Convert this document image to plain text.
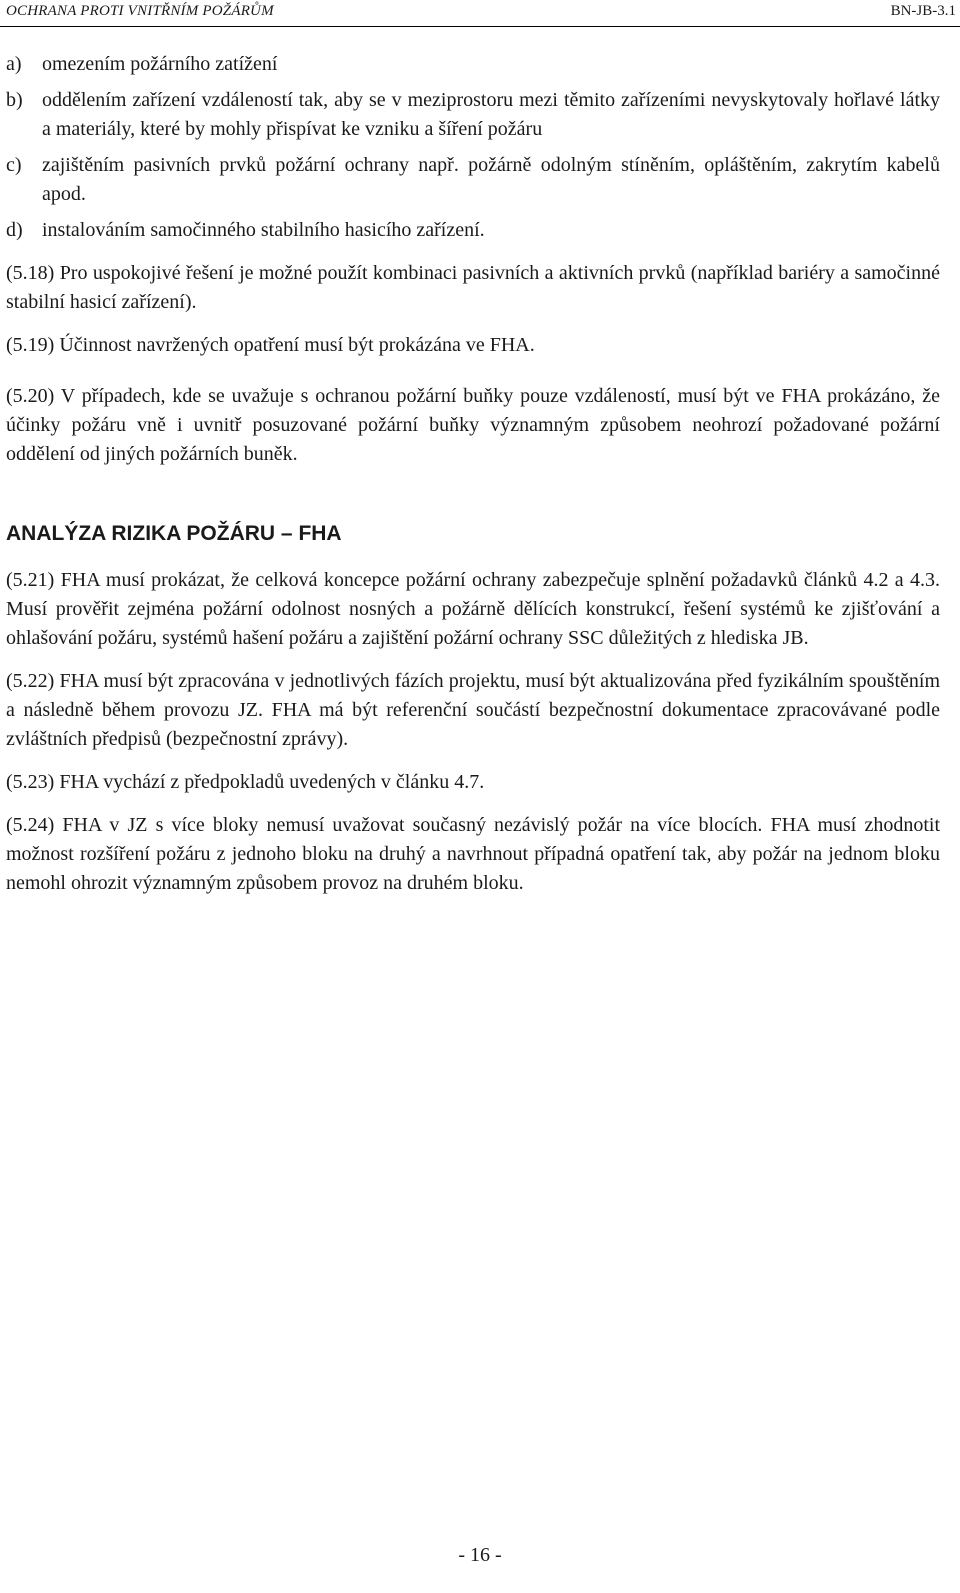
OCHRANA PROTI VNITŘNÍM POŽÁRŮM	BN-JB-3.1
a)	omezením požárního zatížení
b) oddělením zařízení vzdáleností tak, aby se v meziprostoru mezi těmito zařízeními nevyskytovaly hořlavé látky a materiály, které by mohly přispívat ke vzniku a šíření požáru
c)	zajištěním pasivních prvků požární ochrany např. požárně odolným stíněním, opláštěním, zakrytím kabelů apod.
d) instalováním samočinného stabilního hasicího zařízení.

(5.18) Pro uspokojivé řešení je možné použít kombinaci pasivních a aktivních prvků (například bariéry a samočinné stabilní hasicí zařízení).

(5.19) Účinnost navržených opatření musí být prokázána ve FHA.

(5.20) V případech, kde se uvažuje s ochranou požární buňky pouze vzdáleností, musí být ve FHA prokázáno, že účinky požáru vně i uvnitř posuzované požární buňky významným způsobem neohrozí požadované požární oddělení od jiných požárních buněk.

ANALÝZA RIZIKA POŽÁRU – FHA

(5.21) FHA musí prokázat, že celková koncepce požární ochrany zabezpečuje splnění požadavků článků 4.2 a 4.3. Musí prověřit zejména požární odolnost nosných a požárně dělících konstrukcí, řešení systémů ke zjišťování a ohlašování požáru, systémů hašení požáru a zajištění požární ochrany SSC důležitých z hlediska JB.

(5.22) FHA musí být zpracována v jednotlivých fázích projektu, musí být aktualizována před fyzikálním spouštěním a následně během provozu JZ. FHA má být referenční součástí bezpečnostní dokumentace zpracovávané podle zvláštních předpisů (bezpečnostní zprávy).

(5.23) FHA vychází z předpokladů uvedených v článku 4.7.

(5.24) FHA v JZ s více bloky nemusí uvažovat současný nezávislý požár na více blocích. FHA musí zhodnotit možnost rozšíření požáru z jednoho bloku na druhý a navrhnout případná opatření tak, aby požár na jednom bloku nemohl ohrozit významným způsobem provoz na druhém bloku.

- 16 -
